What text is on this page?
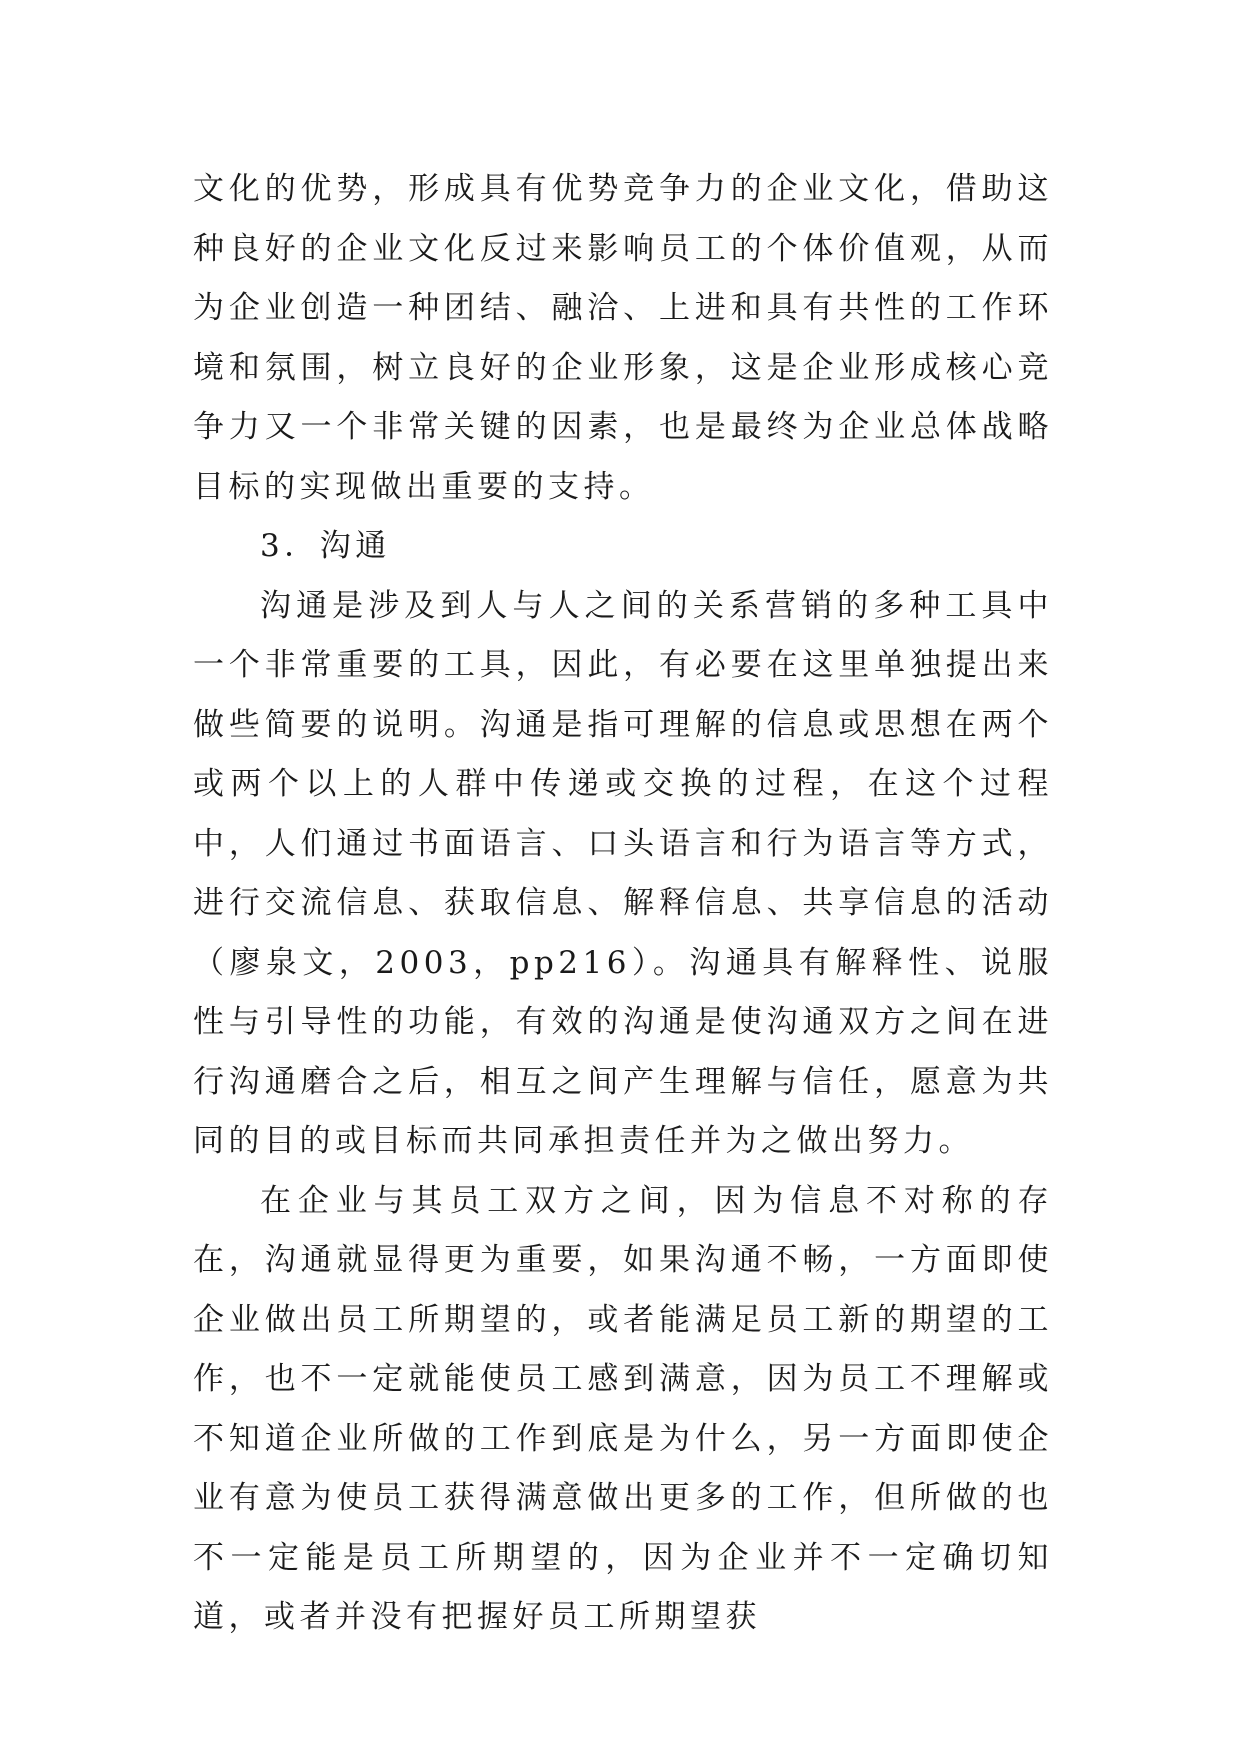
文化的优势，形成具有优势竞争力的企业文化，借助这种良好的企业文化反过来影响员工的个体价值观，从而为企业创造一种团结、融洽、上进和具有共性的工作环境和氛围，树立良好的企业形象，这是企业形成核心竞争力又一个非常关键的因素，也是最终为企业总体战略目标的实现做出重要的支持。

3．沟通

沟通是涉及到人与人之间的关系营销的多种工具中一个非常重要的工具，因此，有必要在这里单独提出来做些简要的说明。沟通是指可理解的信息或思想在两个或两个以上的人群中传递或交换的过程，在这个过程中，人们通过书面语言、口头语言和行为语言等方式，进行交流信息、获取信息、解释信息、共享信息的活动（廖泉文，2003，pp216）。沟通具有解释性、说服性与引导性的功能，有效的沟通是使沟通双方之间在进行沟通磨合之后，相互之间产生理解与信任，愿意为共同的目的或目标而共同承担责任并为之做出努力。

在企业与其员工双方之间，因为信息不对称的存在，沟通就显得更为重要，如果沟通不畅，一方面即使企业做出员工所期望的，或者能满足员工新的期望的工作，也不一定就能使员工感到满意，因为员工不理解或不知道企业所做的工作到底是为什么，另一方面即使企业有意为使员工获得满意做出更多的工作，但所做的也不一定能是员工所期望的，因为企业并不一定确切知道，或者并没有把握好员工所期望获
